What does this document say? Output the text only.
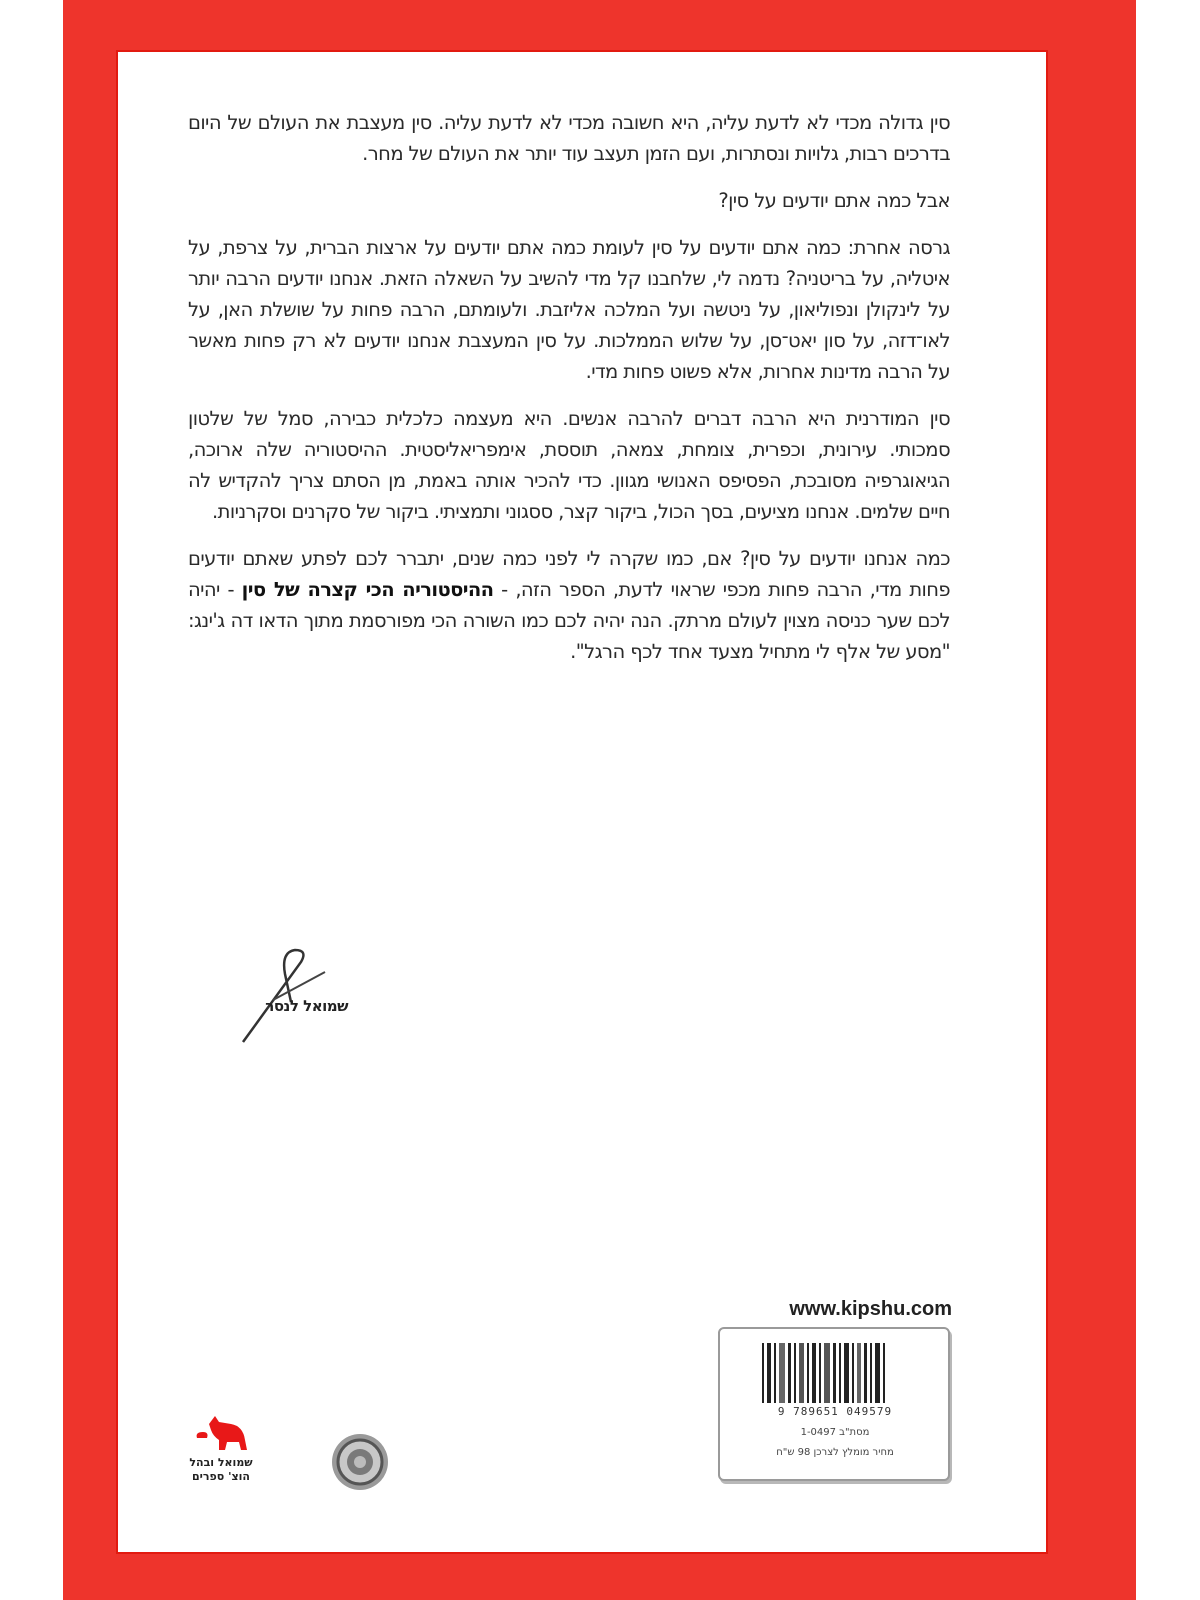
סין גדולה מכדי לא לדעת עליה, היא חשובה מכדי לא לדעת עליה. סין מעצבת את העולם של היום בדרכים רבות, גלויות ונסתרות, ועם הזמן תעצב עוד יותר את העולם של מחר.

אבל כמה אתם יודעים על סין?

גרסה אחרת: כמה אתם יודעים על סין לעומת כמה אתם יודעים על ארצות הברית, על צרפת, על איטליה, על בריטניה? נדמה לי, שלחבנו קל מדי להשיב על השאלה הזאת. אנחנו יודעים הרבה יותר על לינקולן ונפוליאון, על ניטשה ועל המלכה אליזבת. ולעומתם, הרבה פחות על שושלת האן, על לאו־דזה, על סון יאט־סן, על שלוש הממלכות. על סין המעצבת אנחנו יודעים לא רק פחות מאשר על הרבה מדינות אחרות, אלא פשוט פחות מדי.

סין המודרנית היא הרבה דברים להרבה אנשים. היא מעצמה כלכלית כבירה, סמל של שלטון סמכותי. עירונית, וכפרית, צומחת, צמאה, תוססת, אימפריאליסטית. ההיסטוריה שלה ארוכה, הגיאוגרפיה מסובכת, הפסיפס האנושי מגוון. כדי להכיר אותה באמת, מן הסתם צריך להקדיש לה חיים שלמים. אנחנו מציעים, בסך הכול, ביקור קצר, ססגוני ותמציתי. ביקור של סקרנים וסקרניות.

כמה אנחנו יודעים על סין? אם, כמו שקרה לי לפני כמה שנים, יתברר לכם לפתע שאתם יודעים פחות מדי, הרבה פחות מכפי שראוי לדעת, הספר הזה, - ההיסטוריה הכי קצרה של סין - יהיה לכם שער כניסה מצוין לעולם מרתק. הנה יהיה לכם כמו השורה הכי מפורסמת מתוך הדאו דה ג'ינג: "מסע של אלף לי מתחיל מצעד אחד לכף הרגל".

שמואל לנסר
www.kipshu.com
9 789651 049579
מסת"ב 1-0497
מחיר מומלץ לצרכן 98 ש"ח
שמואל ובהל
הוצ' ספרים
